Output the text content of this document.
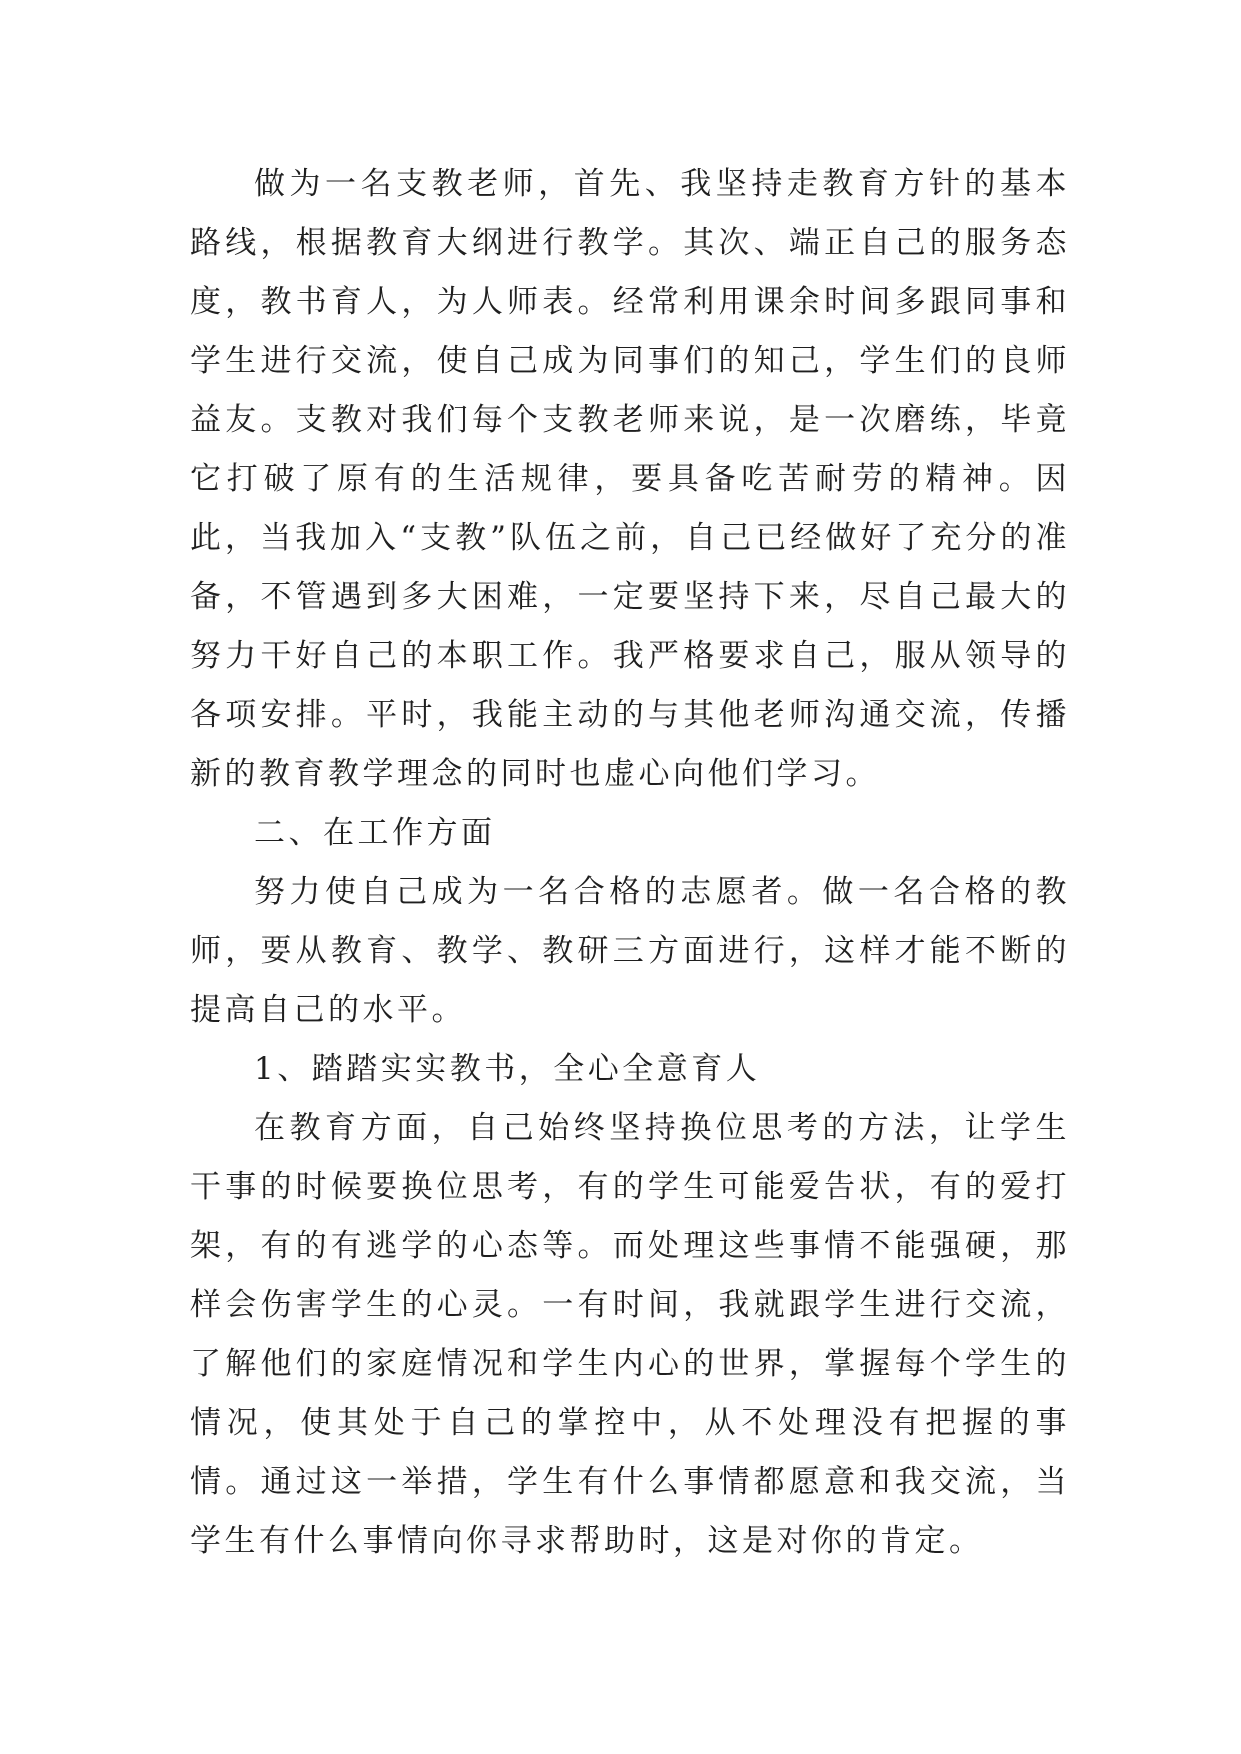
做为一名支教老师，首先、我坚持走教育方针的基本路线，根据教育大纲进行教学。其次、端正自己的服务态度，教书育人，为人师表。经常利用课余时间多跟同事和学生进行交流，使自己成为同事们的知己，学生们的良师益友。支教对我们每个支教老师来说，是一次磨练，毕竟它打破了原有的生活规律，要具备吃苦耐劳的精神。因此，当我加入“支教”队伍之前，自己已经做好了充分的准备，不管遇到多大困难，一定要坚持下来，尽自己最大的努力干好自己的本职工作。我严格要求自己，服从领导的各项安排。平时，我能主动的与其他老师沟通交流，传播新的教育教学理念的同时也虚心向他们学习。

二、在工作方面

努力使自己成为一名合格的志愿者。做一名合格的教师，要从教育、教学、教研三方面进行，这样才能不断的提高自己的水平。

1、踏踏实实教书，全心全意育人

在教育方面，自己始终坚持换位思考的方法，让学生干事的时候要换位思考，有的学生可能爱告状，有的爱打架，有的有逃学的心态等。而处理这些事情不能强硬，那样会伤害学生的心灵。一有时间，我就跟学生进行交流，了解他们的家庭情况和学生内心的世界，掌握每个学生的情况，使其处于自己的掌控中，从不处理没有把握的事情。通过这一举措，学生有什么事情都愿意和我交流，当学生有什么事情向你寻求帮助时，这是对你的肯定。
